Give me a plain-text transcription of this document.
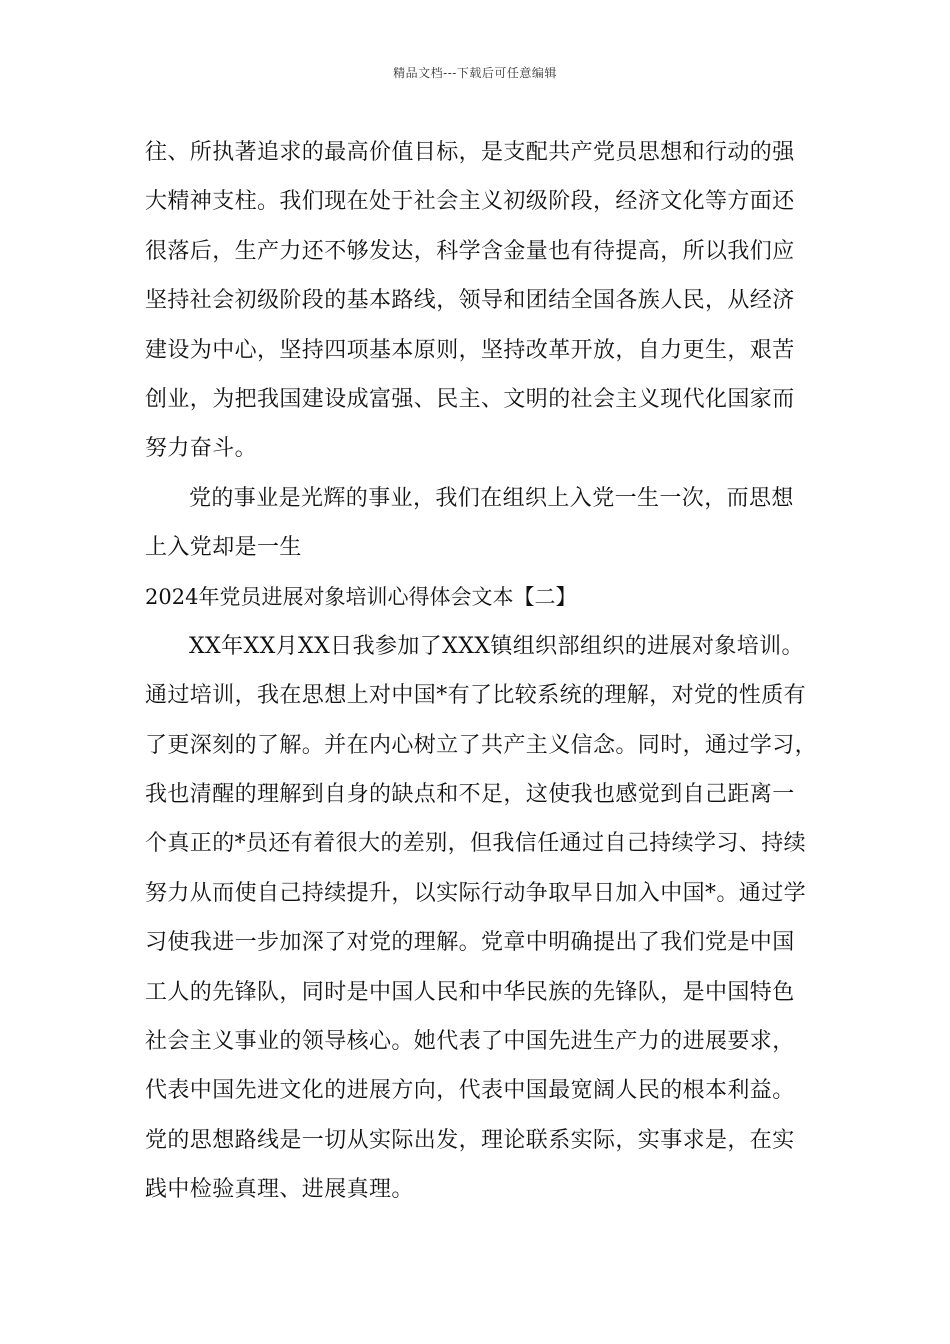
精品文档---下载后可任意编辑
往、所执著追求的最高价值目标，是支配共产党员思想和行动的强
大精神支柱。我们现在处于社会主义初级阶段，经济文化等方面还
很落后，生产力还不够发达，科学含金量也有待提高，所以我们应
坚持社会初级阶段的基本路线，领导和团结全国各族人民，从经济
建设为中心，坚持四项基本原则，坚持改革开放，自力更生，艰苦
创业，为把我国建设成富强、民主、文明的社会主义现代化国家而
努力奋斗。
党的事业是光辉的事业，我们在组织上入党一生一次，而思想
上入党却是一生
2024年党员进展对象培训心得体会文本【二】
XX年XX月XX日我参加了XXX镇组织部组织的进展对象培训。
通过培训，我在思想上对中国*有了比较系统的理解，对党的性质有
了更深刻的了解。并在内心树立了共产主义信念。同时，通过学习，
我也清醒的理解到自身的缺点和不足，这使我也感觉到自己距离一
个真正的*员还有着很大的差别，但我信任通过自己持续学习、持续
努力从而使自己持续提升，以实际行动争取早日加入中国*。通过学
习使我进一步加深了对党的理解。党章中明确提出了我们党是中国
工人的先锋队，同时是中国人民和中华民族的先锋队，是中国特色
社会主义事业的领导核心。她代表了中国先进生产力的进展要求，
代表中国先进文化的进展方向，代表中国最宽阔人民的根本利益。
党的思想路线是一切从实际出发，理论联系实际，实事求是，在实
践中检验真理、进展真理。
